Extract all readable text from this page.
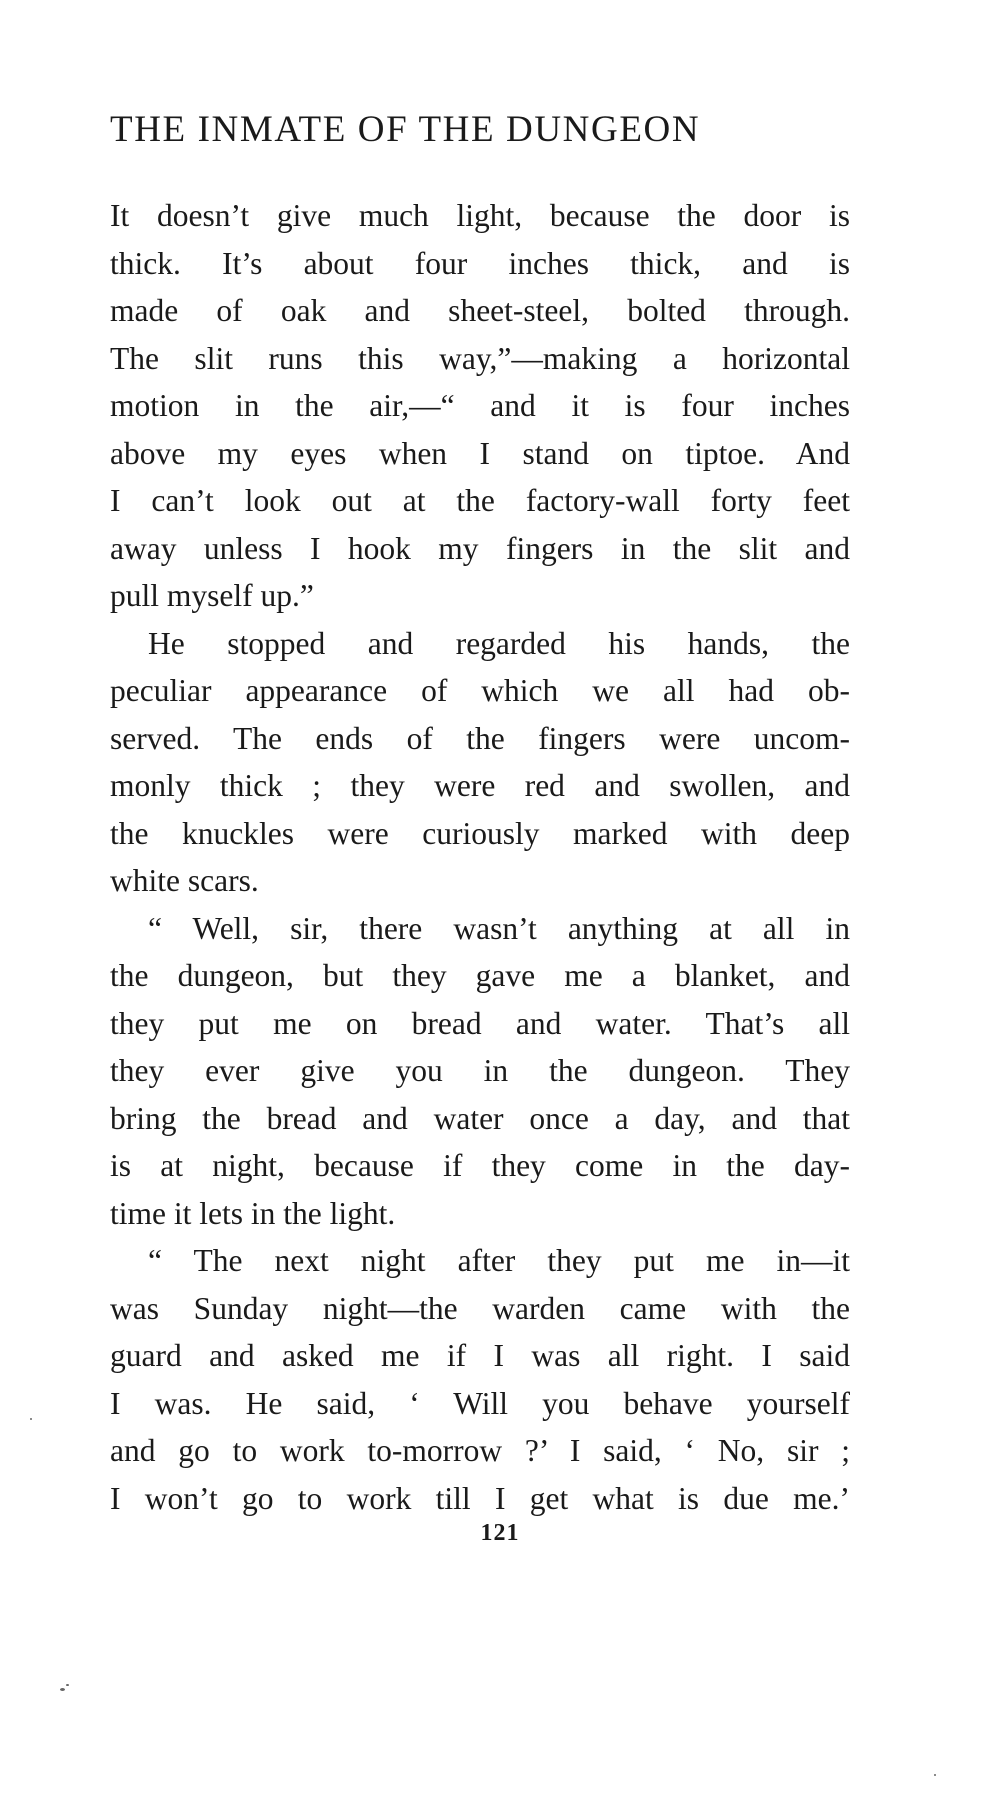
THE INMATE OF THE DUNGEON
It doesn’t give much light, because the door is
thick. It’s about four inches thick, and is
made of oak and sheet-steel, bolted through.
The slit runs this way,”—making a horizontal
motion in the air,—“ and it is four inches
above my eyes when I stand on tiptoe. And
I can’t look out at the factory-wall forty feet
away unless I hook my fingers in the slit and
pull myself up.”
He stopped and regarded his hands, the
peculiar appearance of which we all had ob-
served. The ends of the fingers were uncom-
monly thick ; they were red and swollen, and
the knuckles were curiously marked with deep
white scars.
“ Well, sir, there wasn’t anything at all in
the dungeon, but they gave me a blanket, and
they put me on bread and water. That’s all
they ever give you in the dungeon. They
bring the bread and water once a day, and that
is at night, because if they come in the day-
time it lets in the light.
“ The next night after they put me in—it
was Sunday night—the warden came with the
guard and asked me if I was all right. I said
I was. He said, ‘ Will you behave yourself
and go to work to-morrow ?’ I said, ‘ No, sir ;
I won’t go to work till I get what is due me.’
121
